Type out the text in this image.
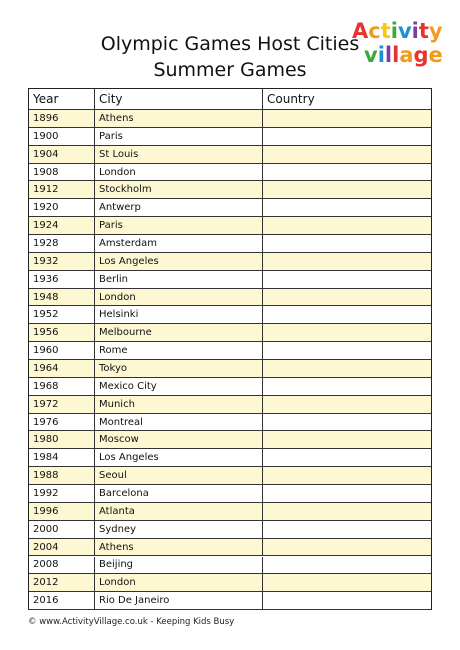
Olympic Games Host Cities
Summer Games
Activity
village
Year	City	Country
1896	Athens
1900	Paris
1904	St Louis
1908	London
1912	Stockholm
1920	Antwerp
1924	Paris
1928	Amsterdam
1932	Los Angeles
1936	Berlin
1948	London
1952	Helsinki
1956	Melbourne
1960	Rome
1964	Tokyo
1968	Mexico City
1972	Munich
1976	Montreal
1980	Moscow
1984	Los Angeles
1988	Seoul
1992	Barcelona
1996	Atlanta
2000	Sydney
2004	Athens
2008	Beijing
2012	London
2016	Rio De Janeiro
© www.ActivityVillage.co.uk - Keeping Kids Busy
